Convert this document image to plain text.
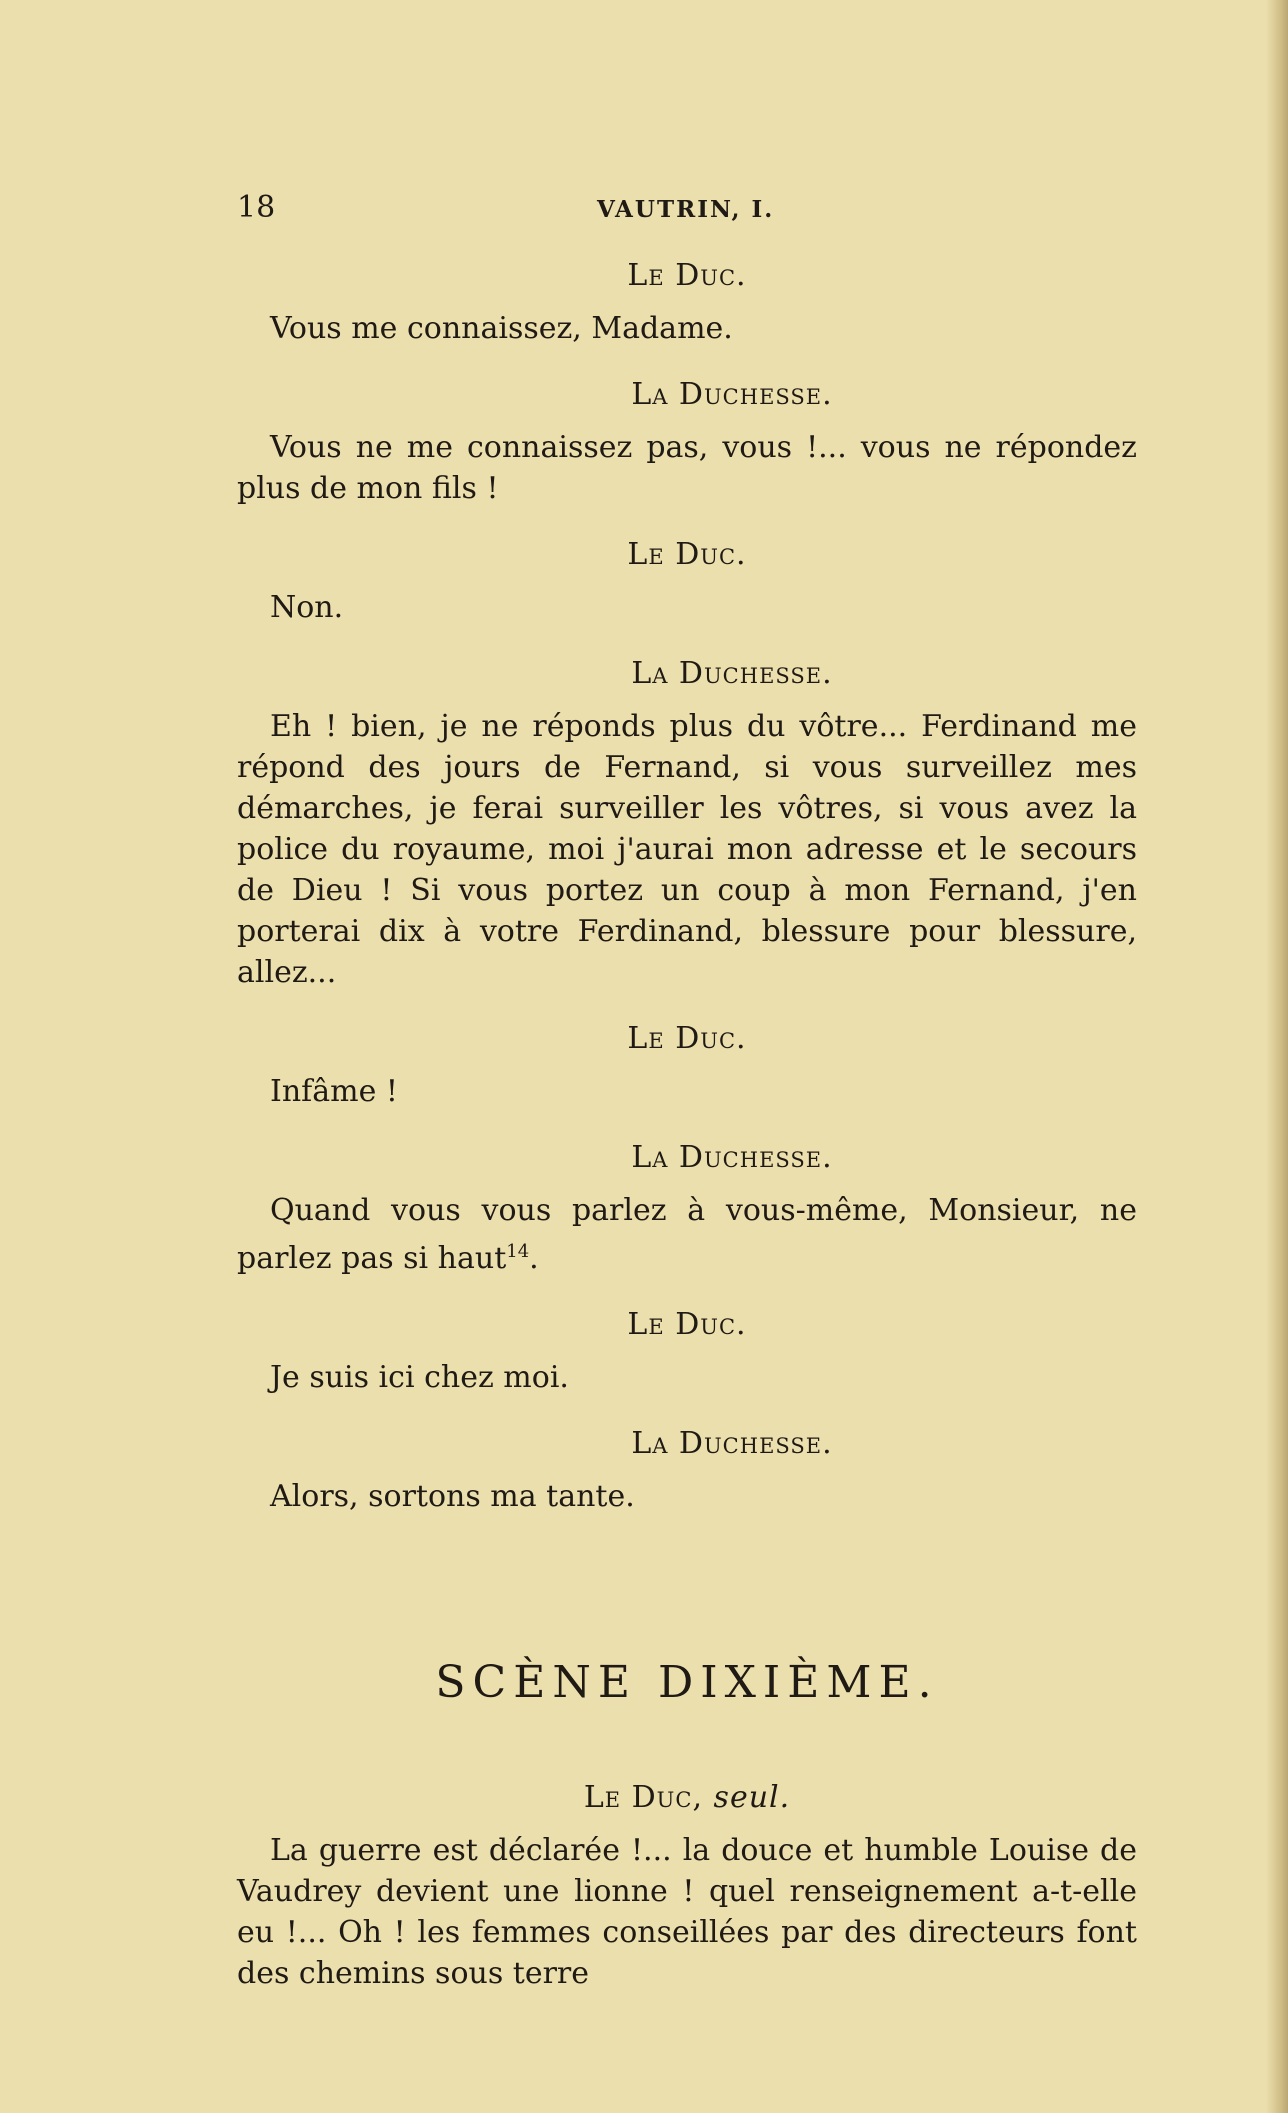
18	VAUTRIN, I.
Le Duc.

Vous me connaissez, Madame.

La Duchesse.

Vous ne me connaissez pas, vous !... vous ne répondez plus de mon fils !

Le Duc.

Non.

La Duchesse.

Eh ! bien, je ne réponds plus du vôtre... Ferdinand me répond des jours de Fernand, si vous surveillez mes démarches, je ferai surveiller les vôtres, si vous avez la police du royaume, moi j'aurai mon adresse et le secours de Dieu ! Si vous portez un coup à mon Fernand, j'en porterai dix à votre Ferdinand, blessure pour blessure, allez...

Le Duc.

Infâme !

La Duchesse.

Quand vous vous parlez à vous-même, Monsieur, ne parlez pas si haut$^{14}$.

Le Duc.

Je suis ici chez moi.

La Duchesse.

Alors, sortons ma tante.

SCÈNE DIXIÈME.
Le Duc, seul.

La guerre est déclarée !... la douce et humble Louise de Vaudrey devient une lionne ! quel renseignement a-t-elle eu !... Oh ! les femmes conseillées par des directeurs font des chemins sous terre
